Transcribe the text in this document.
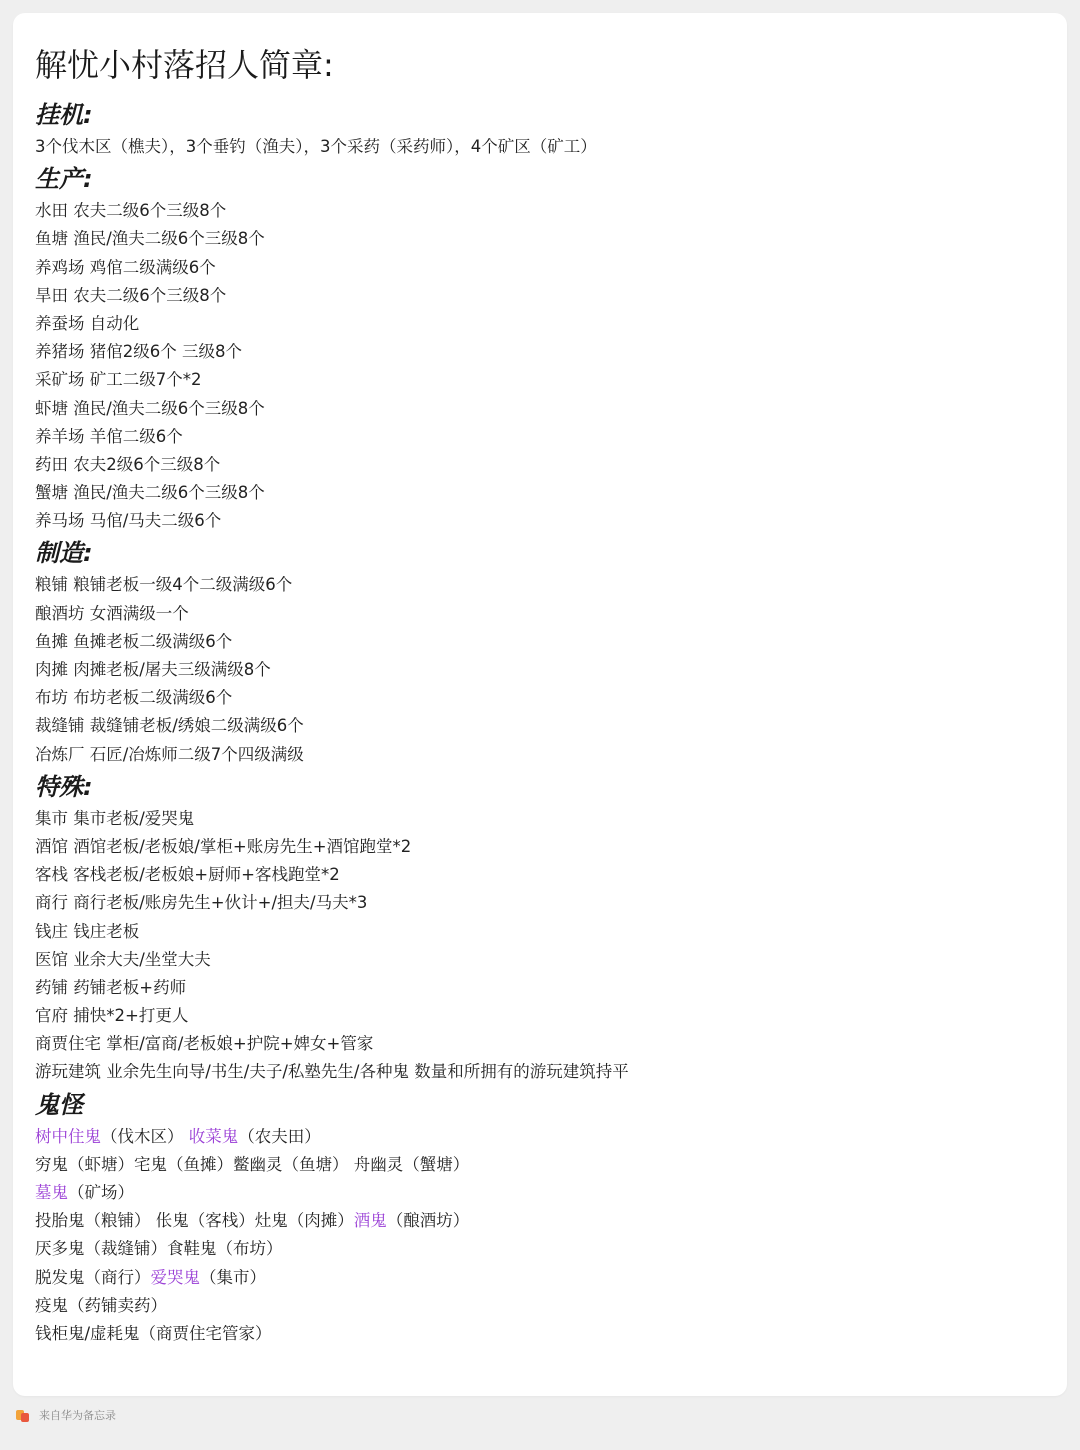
解忧小村落招人简章:
挂机:
3个伐木区（樵夫），3个垂钓（渔夫），3个采药（采药师），4个矿区（矿工）
生产:
水田 农夫二级6个三级8个
鱼塘 渔民/渔夫二级6个三级8个
养鸡场 鸡倌二级满级6个
旱田 农夫二级6个三级8个
养蚕场 自动化
养猪场 猪倌2级6个 三级8个
采矿场 矿工二级7个*2
虾塘 渔民/渔夫二级6个三级8个
养羊场 羊倌二级6个
药田 农夫2级6个三级8个
蟹塘 渔民/渔夫二级6个三级8个
养马场 马倌/马夫二级6个
制造:
粮铺 粮铺老板一级4个二级满级6个
酿酒坊 女酒满级一个
鱼摊 鱼摊老板二级满级6个
肉摊 肉摊老板/屠夫三级满级8个
布坊 布坊老板二级满级6个
裁缝铺 裁缝铺老板/绣娘二级满级6个
冶炼厂 石匠/冶炼师二级7个四级满级
特殊:
集市 集市老板/爱哭鬼
酒馆 酒馆老板/老板娘/掌柜+账房先生+酒馆跑堂*2
客栈 客栈老板/老板娘+厨师+客栈跑堂*2
商行 商行老板/账房先生+伙计+/担夫/马夫*3
钱庄 钱庄老板
医馆 业余大夫/坐堂大夫
药铺 药铺老板+药师
官府 捕快*2+打更人
商贾住宅 掌柜/富商/老板娘+护院+婢女+管家
游玩建筑 业余先生向导/书生/夫子/私塾先生/各种鬼 数量和所拥有的游玩建筑持平
鬼怪
树中住鬼（伐木区） 收菜鬼（农夫田）
穷鬼（虾塘）宅鬼（鱼摊）鳖幽灵（鱼塘） 舟幽灵（蟹塘）
墓鬼（矿场）
投胎鬼（粮铺） 伥鬼（客栈）灶鬼（肉摊）酒鬼（酿酒坊）
厌多鬼（裁缝铺）食鞋鬼（布坊）
脱发鬼（商行）爱哭鬼（集市）
疫鬼（药铺卖药）
钱柜鬼/虚耗鬼（商贾住宅管家）
来自华为备忘录
